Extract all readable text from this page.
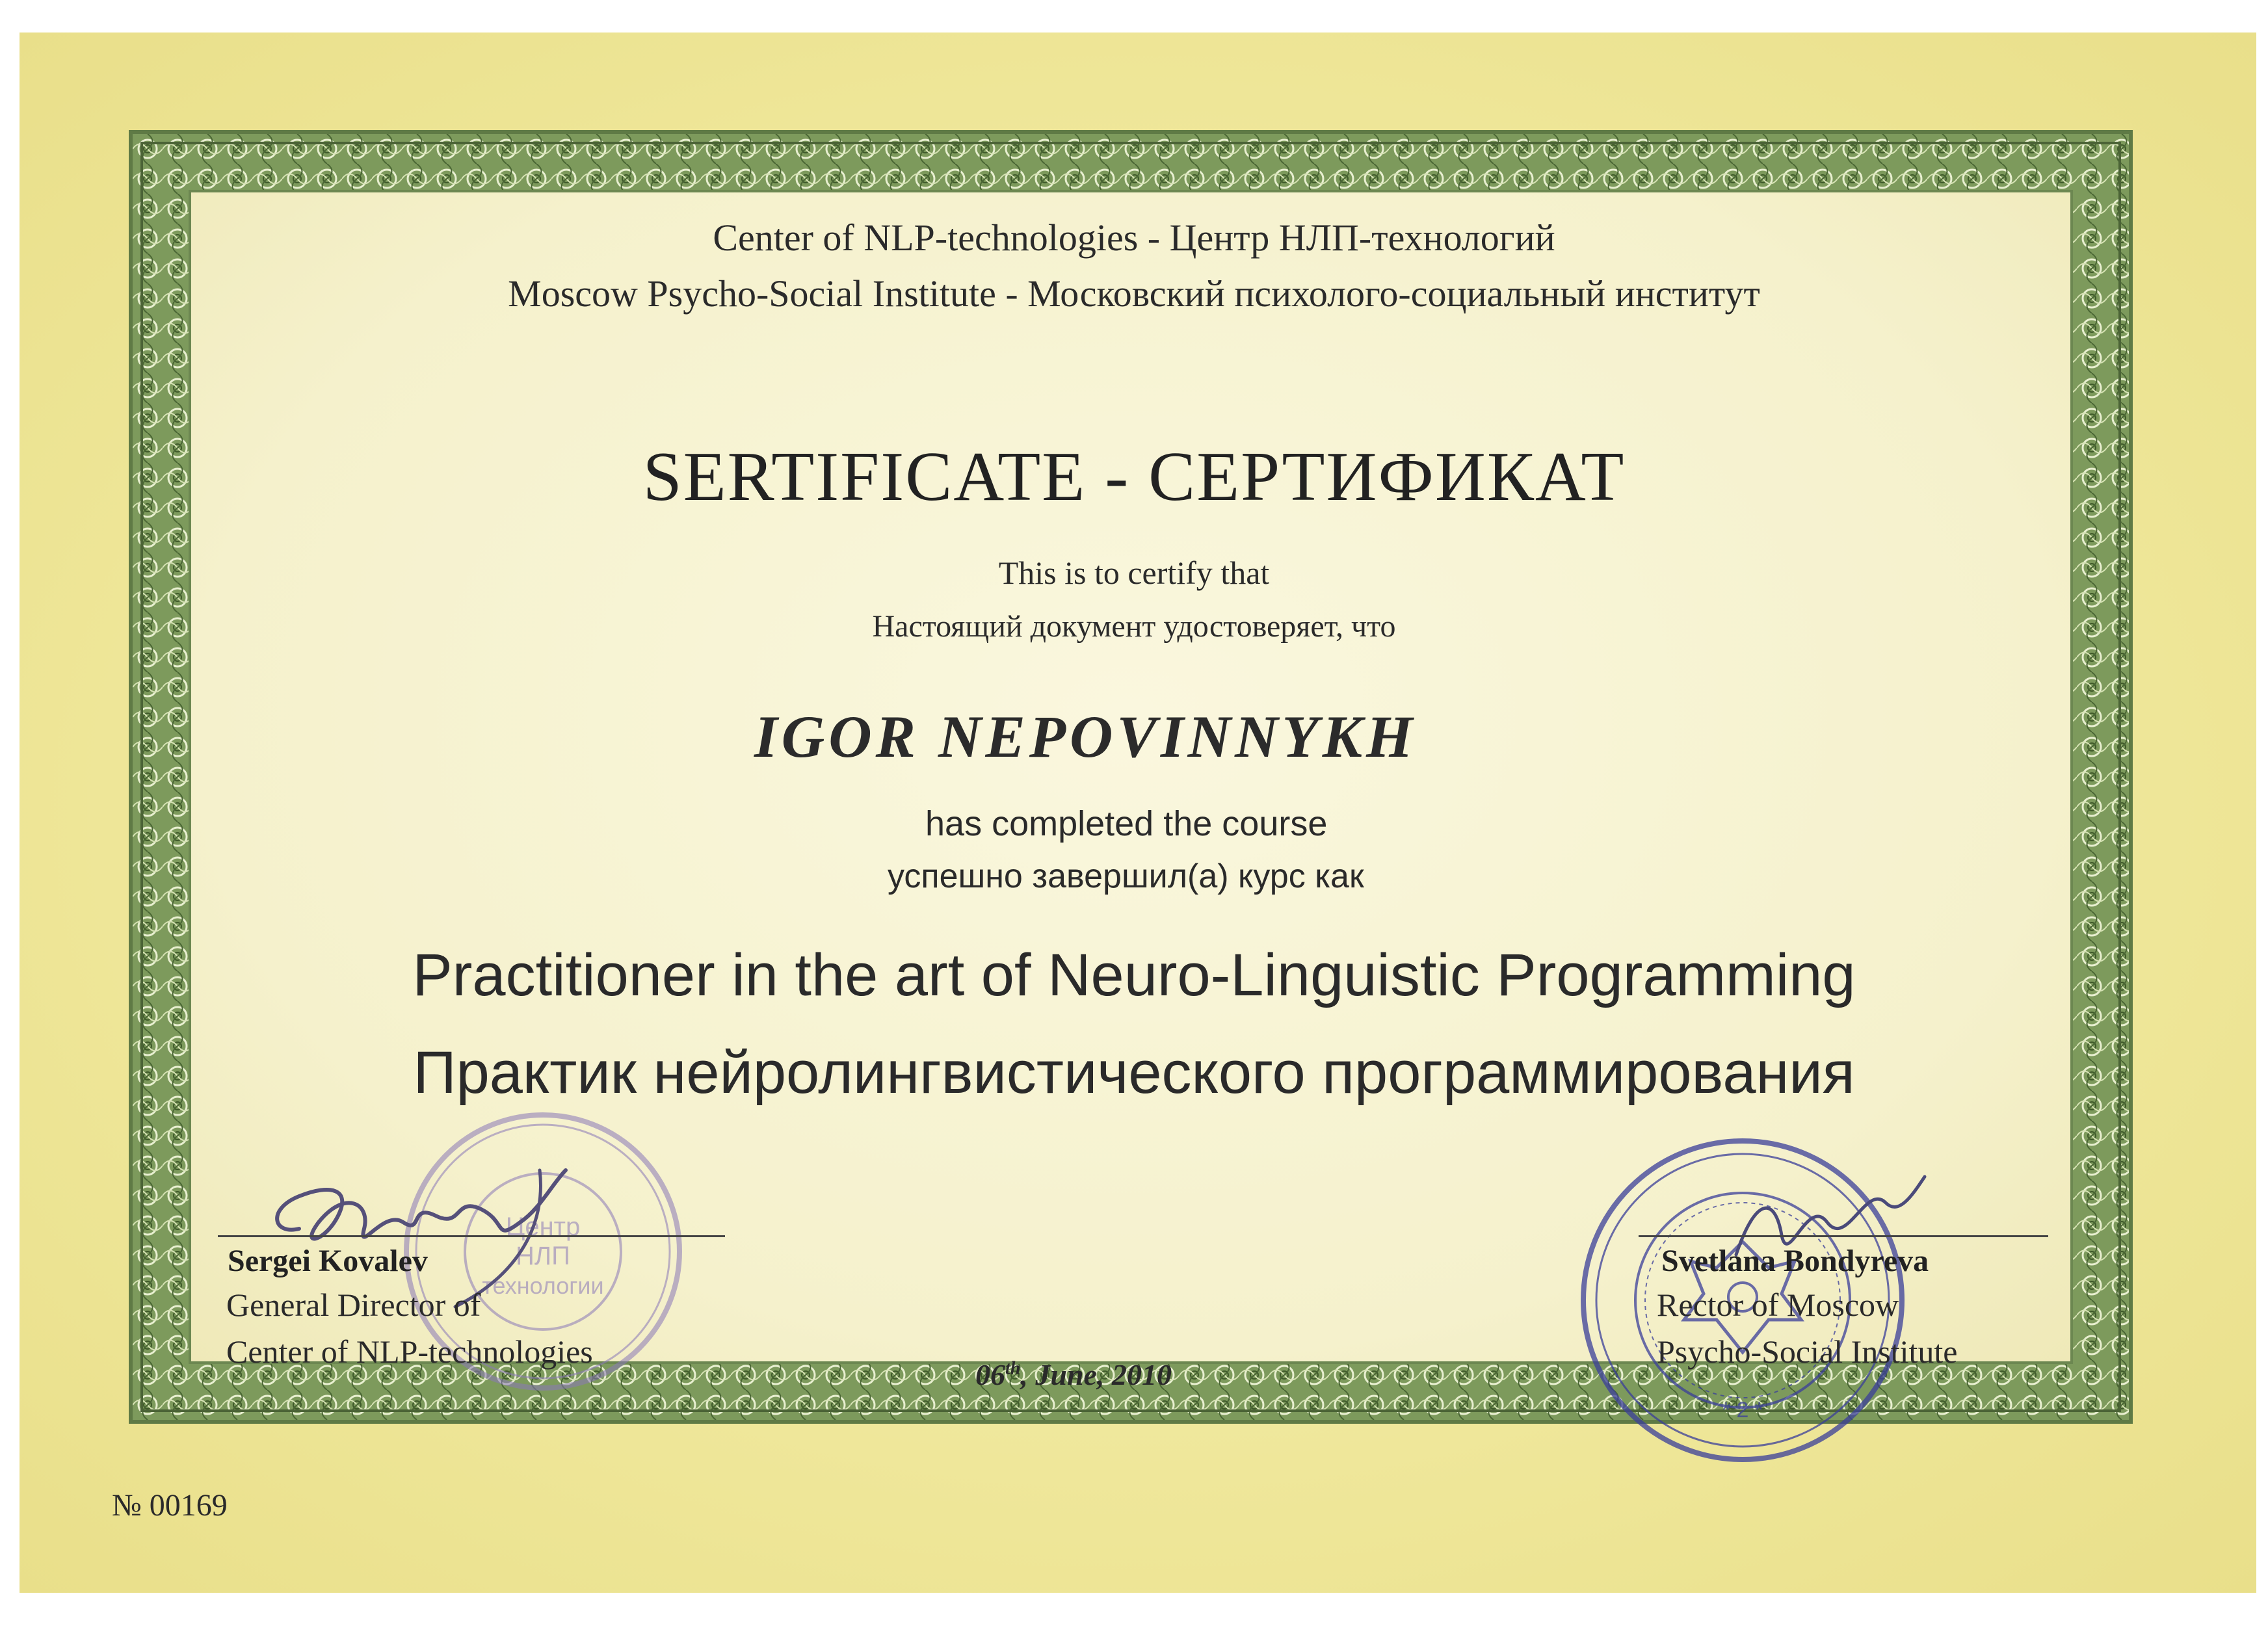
Center of NLP-technologies - Центр НЛП-технологий
Moscow Psycho-Social Institute - Московский психолого-социальный институт
SERTIFICATE - СЕРТИФИКАТ
This is to certify that
Настоящий документ удостоверяет, что
IGOR NEPOVINNYKH
has completed the course
успешно завершил(а) курс как
Practitioner in the art of Neuro-Linguistic Programming
Практик нейролингвистического программирования
Центр
НЛП
технологии
Sergei Kovalev
General Director of
Center of NLP-technologies
06th, June, 2010
* 2 *
Svetlana Bondyreva
Rector of Moscow
Psycho-Social Institute
№ 00169
